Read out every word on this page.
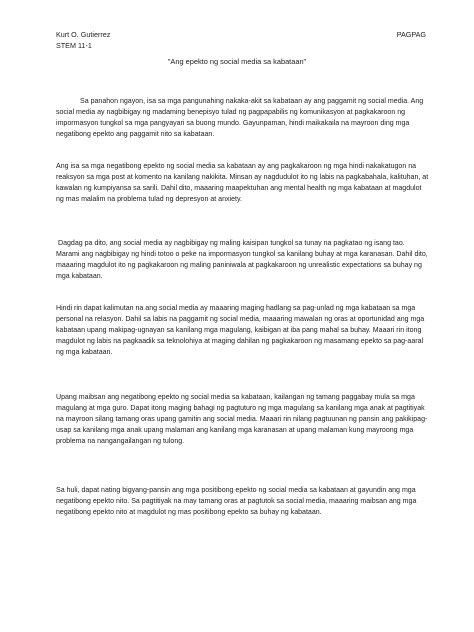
Kurt O. Gutierrez
STEM 11-1
PAGPAG
"Ang epekto ng social media sa kabataan"

Sa panahon ngayon, isa sa mga pangunahing nakaka-akit sa kabataan ay ang paggamit ng social media. Ang social media ay nagbibigay ng madaming benepisyo tulad ng pagpapabilis ng komunikasyon at pagkakaroon ng impormasyon tungkol sa mga pangyayari sa buong mundo. Gayunpaman, hindi maikakaila na mayroon ding mga negatibong epekto ang paggamit nito sa kabataan.

Ang isa sa mga negatibong epekto ng social media sa kabataan ay ang pagkakaroon ng mga hindi nakakatugon na reaksyon sa mga post at komento na kanilang nakikita. Minsan ay nagdudulot ito ng labis na pagkabahala, kalituhan, at kawalan ng kumpiyansa sa sarili. Dahil dito, maaaring maapektuhan ang mental health ng mga kabataan at magdulot ng mas malalim na problema tulad ng depresyon at anxiety.

Dagdag pa dito, ang social media ay nagbibigay ng maling kaisipan tungkol sa tunay na pagkatao ng isang tao. Marami ang nagbibigay ng hindi totoo o peke na impormasyon tungkol sa kanilang buhay at mga karanasan. Dahil dito, maaaring magdulot ito ng pagkakaroon ng maling paniniwala at pagkakaroon ng unrealistic expectations sa buhay ng mga kabataan.

Hindi rin dapat kalimutan na ang social media ay maaaring maging hadlang sa pag-unlad ng mga kabataan sa mga personal na relasyon. Dahil sa labis na paggamit ng social media, maaaring mawalan ng oras at oportunidad ang mga kabataan upang makipag-ugnayan sa kanilang mga magulang, kaibigan at iba pang mahal sa buhay. Maaari rin itong magdulot ng labis na pagkaadik sa teknolohiya at maging dahilan ng pagkakaroon ng masamang epekto sa pag-aaral ng mga kabataan.

Upang maibsan ang negatibong epekto ng social media sa kabataan, kailangan ng tamang paggabay mula sa mga magulang at mga guro. Dapat itong maging bahagi ng pagtuturo ng mga magulang sa kanilang mga anak at pagtitiyak na mayroon silang tamang oras upang gamitin ang social media. Maaari rin nilang pagtuunan ng pansin ang pakikipag-usap sa kanilang mga anak upang malaman ang kanilang mga karanasan at upang malaman kung mayroong mga problema na nangangailangan ng tulong.

Sa huli, dapat nating bigyang-pansin ang mga positibong epekto ng social media sa kabataan at gayundin ang mga negatibong epekto nito. Sa pagtitiyak na may tamang oras at pagtutok sa social media, maaaring maibsan ang mga negatibong epekto nito at magdulot ng mas positibong epekto sa buhay ng kabataan.
